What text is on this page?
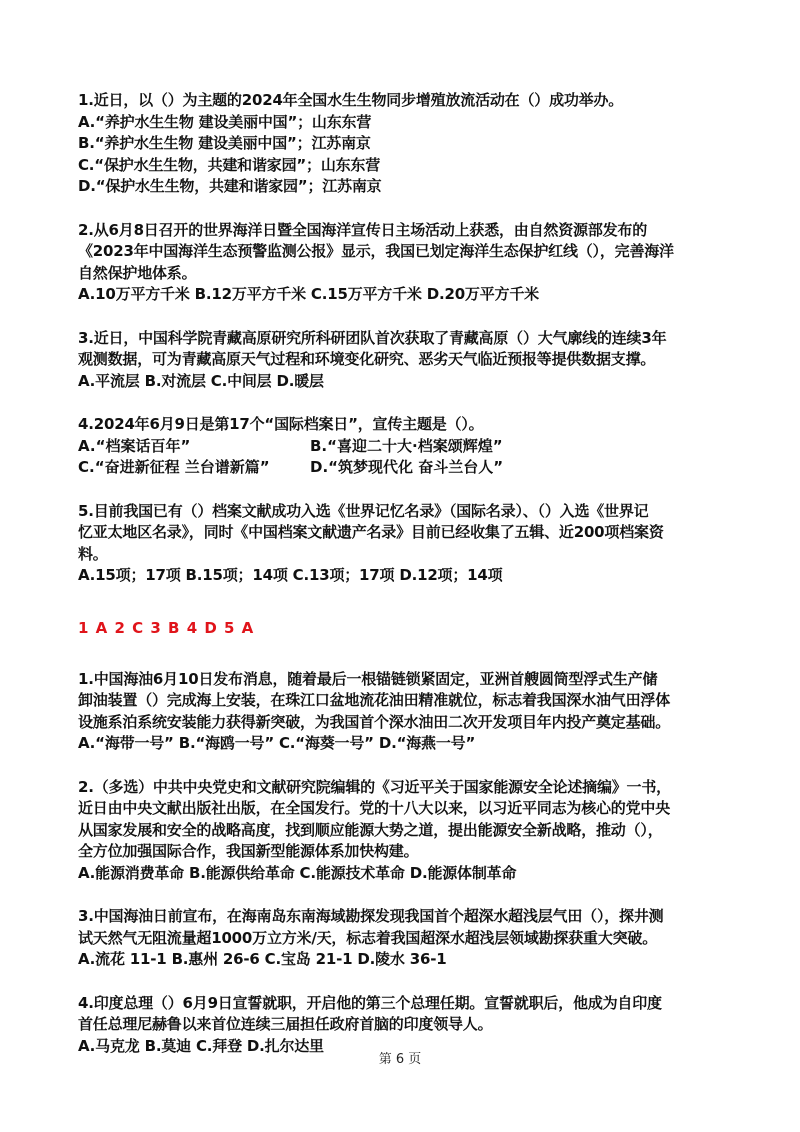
1.近日，以（）为主题的2024年全国水生生物同步增殖放流活动在（）成功举办。
A.“养护水生生物 建设美丽中国”；山东东营
B.“养护水生生物 建设美丽中国”；江苏南京
C.“保护水生生物，共建和谐家园”；山东东营
D.“保护水生生物，共建和谐家园”；江苏南京
2.从6月8日召开的世界海洋日暨全国海洋宣传日主场活动上获悉，由自然资源部发布的
《2023年中国海洋生态预警监测公报》显示，我国已划定海洋生态保护红线（），完善海洋
自然保护地体系。
A.10万平方千米 B.12万平方千米 C.15万平方千米 D.20万平方千米
3.近日，中国科学院青藏高原研究所科研团队首次获取了青藏高原（）大气廓线的连续3年
观测数据，可为青藏高原天气过程和环境变化研究、恶劣天气临近预报等提供数据支撑。
A.平流层 B.对流层 C.中间层 D.暖层
4.2024年6月9日是第17个“国际档案日”，宣传主题是（）。
A.“档案话百年”	B.“喜迎二十大·档案颂辉煌”
C.“奋进新征程 兰台谱新篇”	D.“筑梦现代化 奋斗兰台人”
5.目前我国已有（）档案文献成功入选《世界记忆名录》（国际名录）、（）入选《世界记
忆亚太地区名录》，同时《中国档案文献遗产名录》目前已经收集了五辑、近200项档案资
料。
A.15项；17项 B.15项；14项 C.13项；17项 D.12项；14项
1 A 2 C 3 B 4 D 5 A
1.中国海油6月10日发布消息，随着最后一根锚链锁紧固定，亚洲首艘圆筒型浮式生产储
卸油装置（）完成海上安装，在珠江口盆地流花油田精准就位，标志着我国深水油气田浮体
设施系泊系统安装能力获得新突破，为我国首个深水油田二次开发项目年内投产奠定基础。
A.“海带一号” B.“海鸥一号” C.“海葵一号” D.“海燕一号”
2.（多选）中共中央党史和文献研究院编辑的《习近平关于国家能源安全论述摘编》一书，
近日由中央文献出版社出版，在全国发行。党的十八大以来，以习近平同志为核心的党中央
从国家发展和安全的战略高度，找到顺应能源大势之道，提出能源安全新战略，推动（），
全方位加强国际合作，我国新型能源体系加快构建。
A.能源消费革命 B.能源供给革命 C.能源技术革命 D.能源体制革命
3.中国海油日前宣布，在海南岛东南海域勘探发现我国首个超深水超浅层气田（），探井测
试天然气无阻流量超1000万立方米/天，标志着我国超深水超浅层领域勘探获重大突破。
A.流花 11-1 B.惠州 26-6 C.宝岛 21-1 D.陵水 36-1
4.印度总理（）6月9日宣誓就职，开启他的第三个总理任期。宣誓就职后，他成为自印度
首任总理尼赫鲁以来首位连续三届担任政府首脑的印度领导人。
A.马克龙 B.莫迪 C.拜登 D.扎尔达里
第 6 页
